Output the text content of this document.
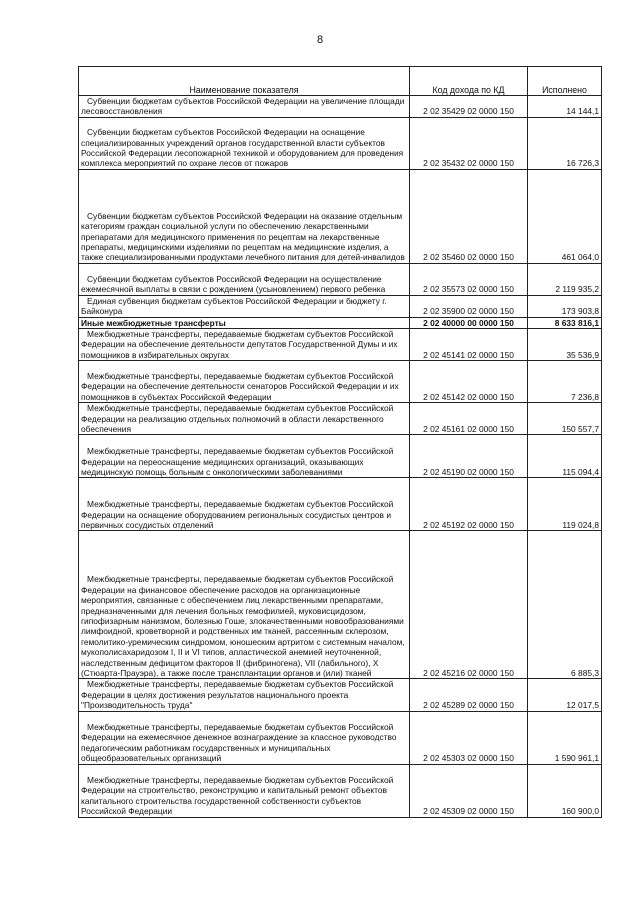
8
Наименование показателя	Код дохода по КД	Исполнено
Субвенции бюджетам субъектов Российской Федерации на увеличение площади лесовосстановления	2 02 35429 02 0000 150	14 144,1
Субвенции бюджетам субъектов Российской Федерации на оснащение специализированных учреждений органов государственной власти субъектов Российской Федерации лесопожарной техникой и оборудованием для проведения комплекса мероприятий по охране лесов от пожаров	2 02 35432 02 0000 150	16 726,3
Субвенции бюджетам субъектов Российской Федерации на оказание отдельным категориям граждан социальной услуги по обеспечению лекарственными препаратами для медицинского применения по рецептам на лекарственные препараты, медицинскими изделиями по рецептам на медицинские изделия, а также специализированными продуктами лечебного питания для детей-инвалидов	2 02 35460 02 0000 150	461 064,0
Субвенции бюджетам субъектов Российской Федерации на осуществление ежемесячной выплаты в связи с рождением (усыновлением) первого ребенка	2 02 35573 02 0000 150	2 119 935,2
Единая субвенция бюджетам субъектов Российской Федерации и бюджету г. Байконура	2 02 35900 02 0000 150	173 903,8
Иные межбюджетные трансферты	2 02 40000 00 0000 150	8 633 816,1
Межбюджетные трансферты, передаваемые бюджетам субъектов Российской Федерации на обеспечение деятельности депутатов Государственной Думы и их помощников в избирательных округах	2 02 45141 02 0000 150	35 536,9
Межбюджетные трансферты, передаваемые бюджетам субъектов Российской Федерации на обеспечение деятельности сенаторов Российской Федерации и их помощников в субъектах Российской Федерации	2 02 45142 02 0000 150	7 236,8
Межбюджетные трансферты, передаваемые бюджетам субъектов Российской Федерации на реализацию отдельных полномочий в области лекарственного обеспечения	2 02 45161 02 0000 150	150 557,7
Межбюджетные трансферты, передаваемые бюджетам субъектов Российской Федерации на переоснащение медицинских организаций, оказывающих медицинскую помощь больным с онкологическими заболеваниями	2 02 45190 02 0000 150	115 094,4
Межбюджетные трансферты, передаваемые бюджетам субъектов Российской Федерации на оснащение оборудованием региональных сосудистых центров и первичных сосудистых отделений	2 02 45192 02 0000 150	119 024,8
Межбюджетные трансферты, передаваемые бюджетам субъектов Российской Федерации на финансовое обеспечение расходов на организационные мероприятия, связанные с обеспечением лиц лекарственными препаратами, предназначенными для лечения больных гемофилией, муковисцидозом, гипофизарным нанизмом, болезнью Гоше, злокачественными новообразованиями лимфоидной, кроветворной и родственных им тканей, рассеянным склерозом, гемолитико-уремическим синдромом, юношеским артритом с системным началом, мукополисахаридозом I, II и VI типов, апластической анемией неуточненной, наследственным дефицитом факторов II (фибриногена), VII (лабильного), X (Стюарта-Прауэра), а также после трансплантации органов и (или) тканей	2 02 45216 02 0000 150	6 885,3
Межбюджетные трансферты, передаваемые бюджетам субъектов Российской Федерации в целях достижения результатов национального проекта "Производительность труда"	2 02 45289 02 0000 150	12 017,5
Межбюджетные трансферты, передаваемые бюджетам субъектов Российской Федерации на ежемесячное денежное вознаграждение за классное руководство педагогическим работникам государственных и муниципальных общеобразовательных организаций	2 02 45303 02 0000 150	1 590 961,1
Межбюджетные трансферты, передаваемые бюджетам субъектов Российской Федерации на строительство, реконструкцию и капитальный ремонт объектов капитального строительства государственной собственности субъектов Российской Федерации	2 02 45309 02 0000 150	160 900,0
